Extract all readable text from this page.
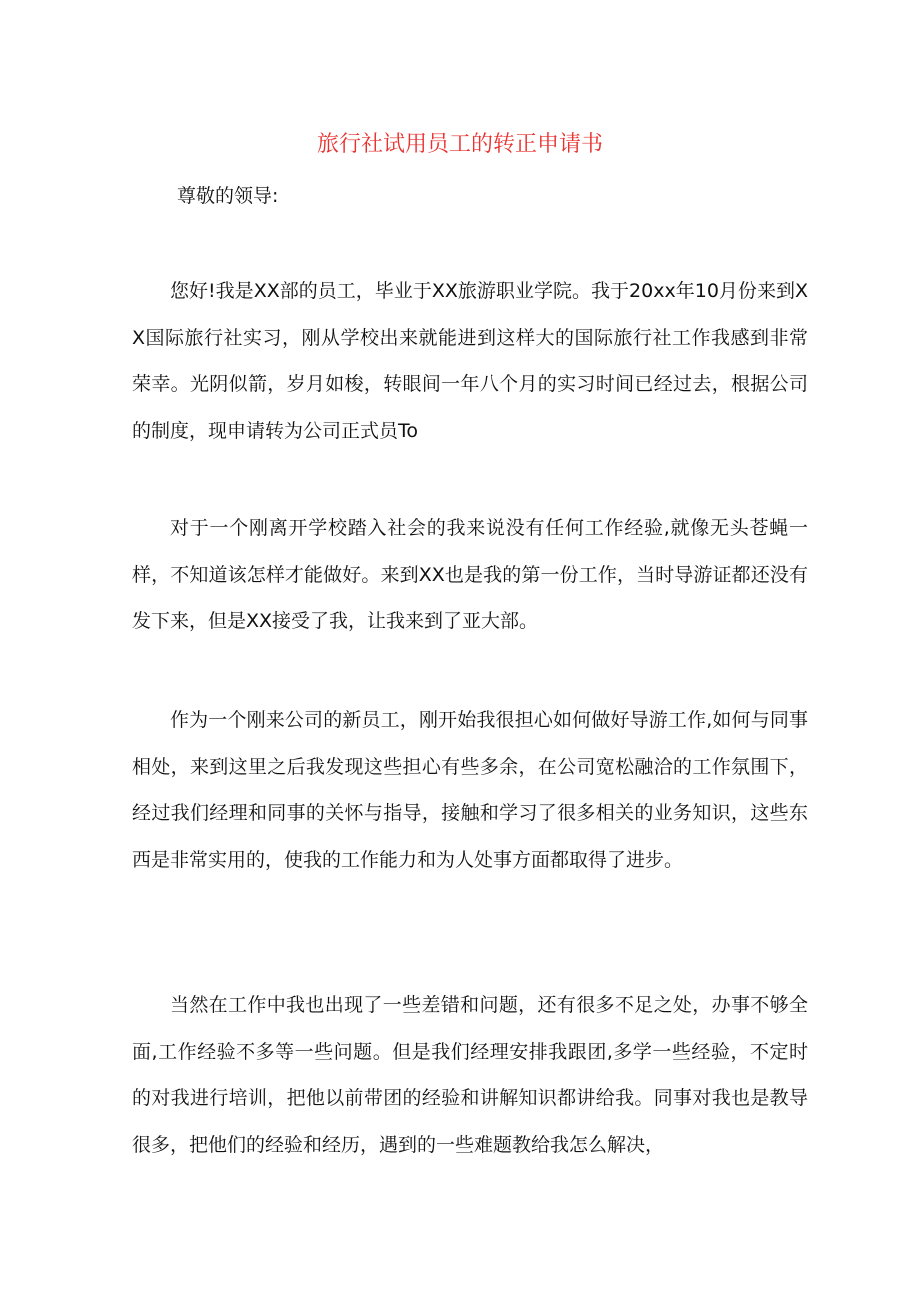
旅行社试用员工的转正申请书

尊敬的领导:

您好!我是XX部的员工，毕业于XX旅游职业学院。我于20xx年10月份来到XX国际旅行社实习，刚从学校出来就能进到这样大的国际旅行社工作我感到非常荣幸。光阴似箭，岁月如梭，转眼间一年八个月的实习时间已经过去，根据公司的制度，现申请转为公司正式员To

对于一个刚离开学校踏入社会的我来说没有任何工作经验,就像无头苍蝇一样，不知道该怎样才能做好。来到XX也是我的第一份工作，当时导游证都还没有发下来，但是XX接受了我，让我来到了亚大部。

作为一个刚来公司的新员工，刚开始我很担心如何做好导游工作,如何与同事相处，来到这里之后我发现这些担心有些多余，在公司宽松融洽的工作氛围下，经过我们经理和同事的关怀与指导，接触和学习了很多相关的业务知识，这些东西是非常实用的，使我的工作能力和为人处事方面都取得了进步。

当然在工作中我也出现了一些差错和问题，还有很多不足之处，办事不够全面,工作经验不多等一些问题。但是我们经理安排我跟团,多学一些经验，不定时的对我进行培训，把他以前带团的经验和讲解知识都讲给我。同事对我也是教导很多，把他们的经验和经历，遇到的一些难题教给我怎么解决，
